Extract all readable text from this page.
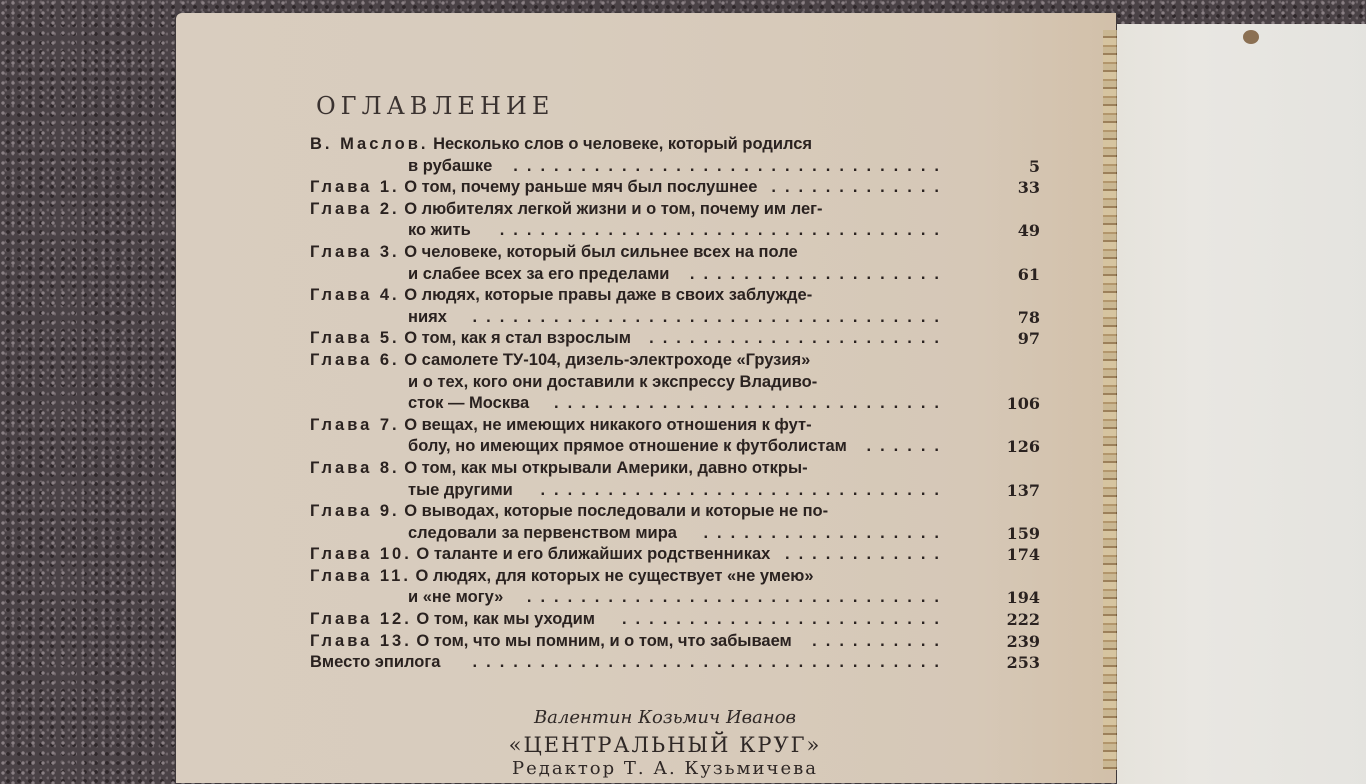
ОГЛАВЛЕНИЕ
В. Маслов. Несколько слов о человеке, который родился
в рубашке ................................	5
Глава 1. О том, почему раньше мяч был послушнее .............	33
Глава 2. О любителях легкой жизни и о том, почему им лег-
ко жить .................................	49
Глава 3. О человеке, который был сильнее всех на поле
и слабее всех за его пределами ...................	61
Глава 4. О людях, которые правы даже в своих заблужде-
ниях ...................................	78
Глава 5. О том, как я стал взрослым ......................	97
Глава 6. О самолете ТУ-104, дизель-электроходе «Грузия»
и о тех, кого они доставили к экспрессу Владиво-
сток — Москва .............................	106
Глава 7. О вещах, не имеющих никакого отношения к фут-
болу, но имеющих прямое отношение к футболистам ......	126
Глава 8. О том, как мы открывали Америки, давно откры-
тые другими ..............................	137
Глава 9. О выводах, которые последовали и которые не по-
следовали за первенством мира ..................	159
Глава 10. О таланте и его ближайших родственниках ............	174
Глава 11. О людях, для которых не существует «не умею»
и «не могу» ...............................	194
Глава 12. О том, как мы уходим ........................	222
Глава 13. О том, что мы помним, и о том, что забываем ..........	239
Вместо эпилога ...................................	253
Валентин Козьмич Иванов
«ЦЕНТРАЛЬНЫЙ КРУГ»
Редактор Т. А. Кузьмичева
